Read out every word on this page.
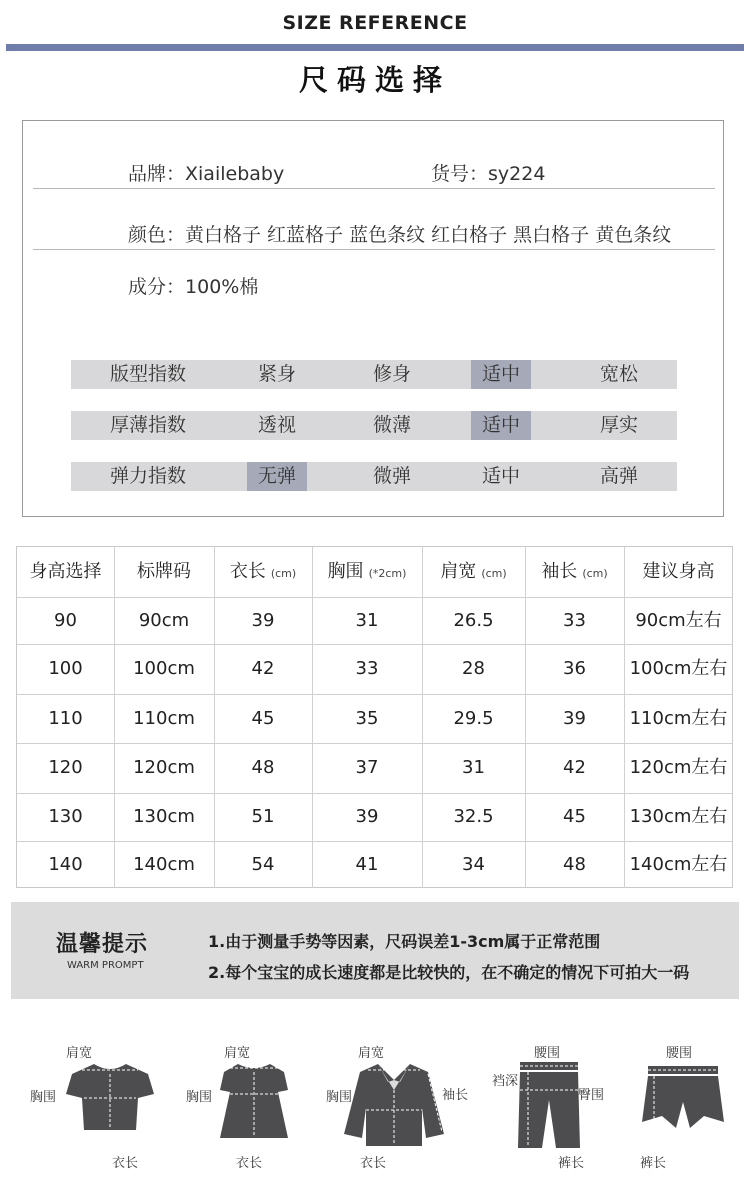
SIZE REFERENCE
尺码选择
品牌：Xiailebaby	货号：sy224
颜色：黄白格子 红蓝格子 蓝色条纹 红白格子 黑白格子 黄色条纹
成分：100%棉
版型指数	紧身	修身	适中	宽松
厚薄指数	透视	微薄	适中	厚实
弹力指数	无弹	微弹	适中	高弹
身高选择	标牌码	衣长 (cm)	胸围 (*2cm)	肩宽 (cm)	袖长 (cm)	建议身高
90	90cm	39	31	26.5	33	90cm左右
100	100cm	42	33	28	36	100cm左右
110	110cm	45	35	29.5	39	110cm左右
120	120cm	48	37	31	42	120cm左右
130	130cm	51	39	32.5	45	130cm左右
140	140cm	54	41	34	48	140cm左右
温馨提示
WARM PROMPT
1.由于测量手势等因素，尺码误差1-3cm属于正常范围
2.每个宝宝的成长速度都是比较快的，在不确定的情况下可拍大一码
肩宽
胸围
衣长
肩宽
胸围
衣长
肩宽
胸围	袖长
衣长
腰围
裆深
臀围
裤长
腰围
裤长
